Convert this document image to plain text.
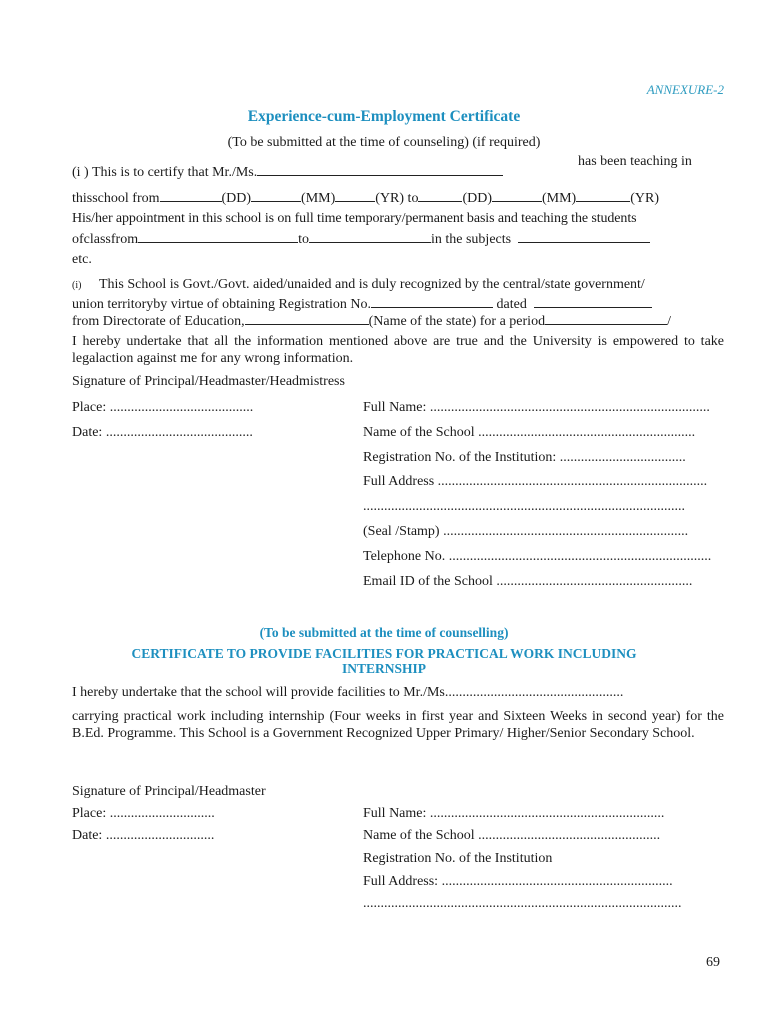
ANNEXURE-2
Experience-cum-Employment Certificate
(To be submitted at the time of counseling) (if required)
(i ) This is to certify that Mr./Ms.
has been teaching in
thisschool from	(DD)	(MM)	(YR) to	(DD)	(MM)	(YR)
His/her appointment in this school is on full time temporary/permanent basis and teaching the students
ofclassfrom	to	in the subjects
etc.
(i) This School is Govt./Govt. aided/unaided and is duly recognized by the central/state government/
union territoryby virtue of obtaining Registration No.	dated
from Directorate of Education,	(Name of the state) for a period	/
I hereby undertake that all the information mentioned above are true and the University is empowered to take legalaction against me for any wrong information.
Signature of Principal/Headmaster/Headmistress
Place: .........................................
Date: ..........................................
Full Name: ................................................................................
Name of the School ..............................................................
Registration No. of the Institution: ....................................
Full Address .............................................................................
............................................................................................
(Seal /Stamp) ......................................................................
Telephone No. ...........................................................................
Email ID of the School ........................................................
(To be submitted at the time of counselling)
CERTIFICATE TO PROVIDE FACILITIES FOR PRACTICAL WORK INCLUDING
INTERNSHIP
I hereby undertake that the school will provide facilities to Mr./Ms...................................................
carrying practical work including internship (Four weeks in first year and Sixteen Weeks in second year) for the B.Ed. Programme. This School is a Government Recognized Upper Primary/ Higher/Senior Secondary School.
Signature of Principal/Headmaster
Place: ..............................
Date: ...............................
Full Name: ...................................................................
Name of the School ....................................................
Registration No. of the Institution
Full Address: ..................................................................
...........................................................................................
69
